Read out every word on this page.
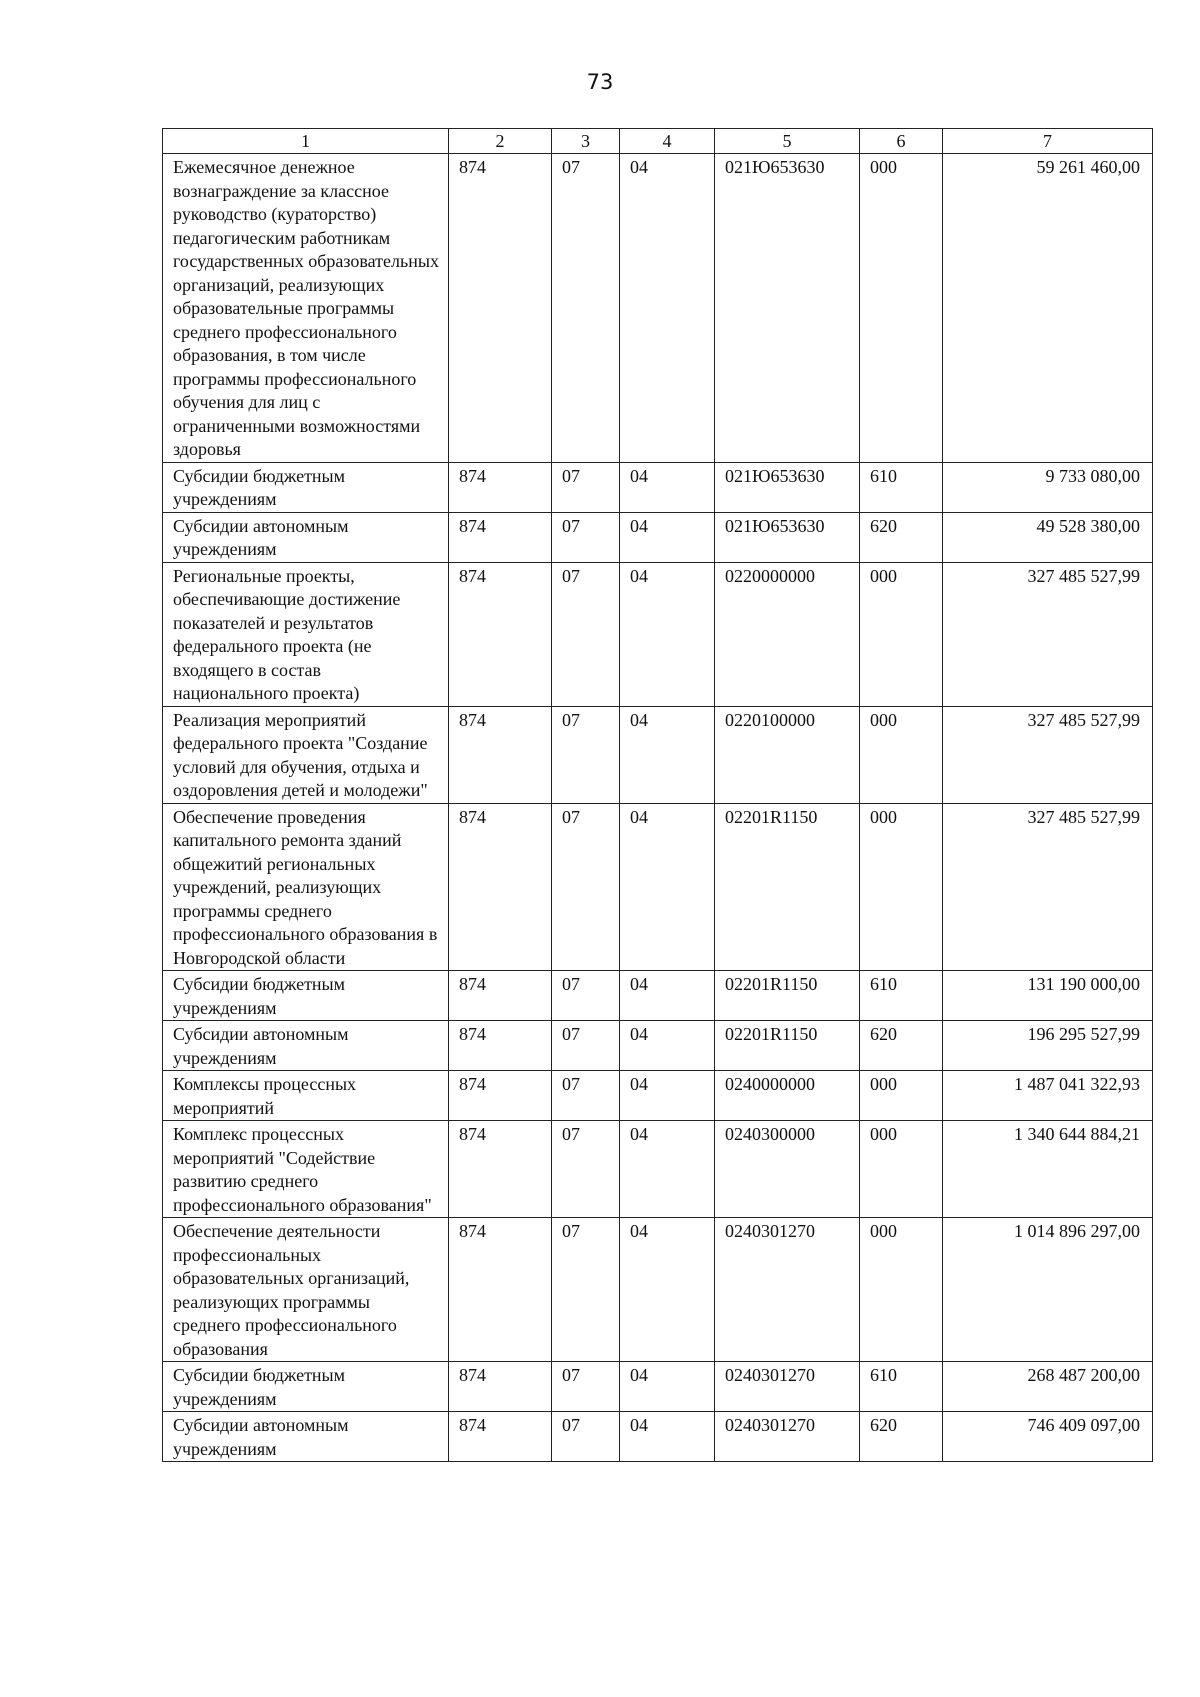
73
1	2	3	4	5	6	7
Ежемесячное денежное вознаграждение за классное руководство (кураторство) педагогическим работникам государственных образовательных организаций, реализующих образовательные программы среднего профессионального образования, в том числе программы профессионального обучения для лиц с ограниченными возможностями здоровья	874	07	04	021Ю653630	000	59 261 460,00
Субсидии бюджетным учреждениям	874	07	04	021Ю653630	610	9 733 080,00
Субсидии автономным учреждениям	874	07	04	021Ю653630	620	49 528 380,00
Региональные проекты, обеспечивающие достижение показателей и результатов федерального проекта (не входящего в состав национального проекта)	874	07	04	0220000000	000	327 485 527,99
Реализация мероприятий федерального проекта "Создание условий для обучения, отдыха и оздоровления детей и молодежи"	874	07	04	0220100000	000	327 485 527,99
Обеспечение проведения капитального ремонта зданий общежитий региональных учреждений, реализующих программы среднего профессионального образования в Новгородской области	874	07	04	02201R1150	000	327 485 527,99
Субсидии бюджетным учреждениям	874	07	04	02201R1150	610	131 190 000,00
Субсидии автономным учреждениям	874	07	04	02201R1150	620	196 295 527,99
Комплексы процессных мероприятий	874	07	04	0240000000	000	1 487 041 322,93
Комплекс процессных мероприятий "Содействие развитию среднего профессионального образования"	874	07	04	0240300000	000	1 340 644 884,21
Обеспечение деятельности профессиональных образовательных организаций, реализующих программы среднего профессионального образования	874	07	04	0240301270	000	1 014 896 297,00
Субсидии бюджетным учреждениям	874	07	04	0240301270	610	268 487 200,00
Субсидии автономным учреждениям	874	07	04	0240301270	620	746 409 097,00
